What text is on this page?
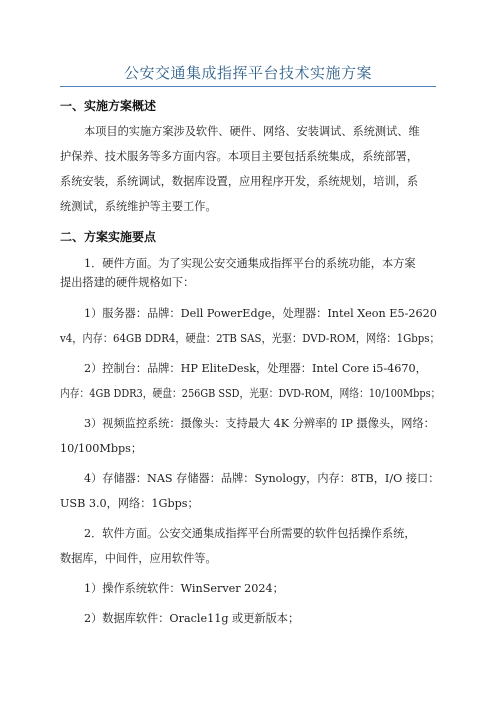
公安交通集成指挥平台技术实施方案
一、实施方案概述
本项目的实施方案涉及软件、硬件、网络、安装调试、系统测试、维
护保养、技术服务等多方面内容。本项目主要包括系统集成，系统部署，
系统安装，系统调试，数据库设置，应用程序开发，系统规划，培训，系
统测试，系统维护等主要工作。
二、方案实施要点
1．硬件方面。为了实现公安交通集成指挥平台的系统功能，本方案
提出搭建的硬件规格如下：
1）服务器：品牌：Dell PowerEdge，处理器：Intel Xeon E5-2620
v4，内存：64GB DDR4，硬盘：2TB SAS，光驱：DVD-ROM，网络：1Gbps；
2）控制台：品牌：HP EliteDesk，处理器：Intel Core i5-4670，
内存：4GB DDR3，硬盘：256GB SSD，光驱：DVD-ROM，网络：10/100Mbps；
3）视频监控系统：摄像头：支持最大 4K 分辨率的 IP 摄像头，网络：
10/100Mbps；
4）存储器：NAS 存储器：品牌：Synology，内存：8TB，I/O 接口：
USB 3.0，网络：1Gbps；
2．软件方面。公安交通集成指挥平台所需要的软件包括操作系统，
数据库，中间件，应用软件等。
1）操作系统软件：WinServer 2024；
2）数据库软件：Oracle11g 或更新版本；
